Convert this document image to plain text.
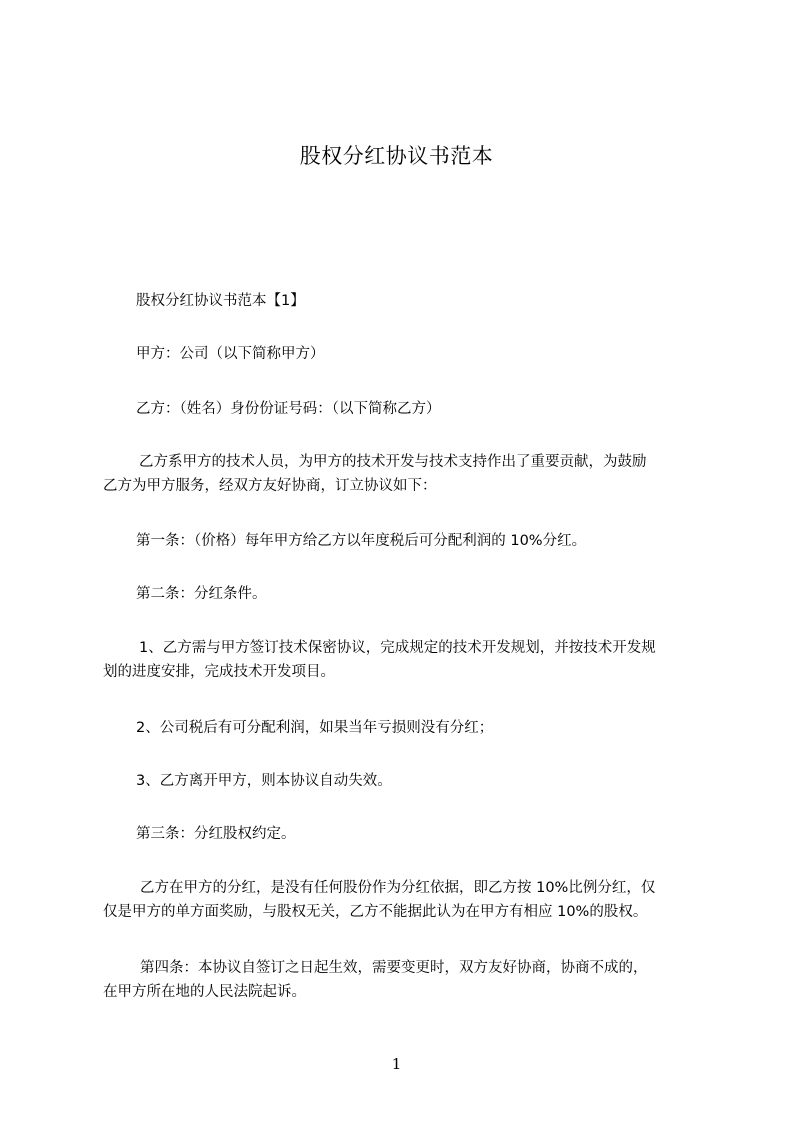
股权分红协议书范本

股权分红协议书范本【1】

甲方：公司（以下简称甲方）

乙方：（姓名）身份份证号码：（以下简称乙方）

乙方系甲方的技术人员，为甲方的技术开发与技术支持作出了重要贡献，为鼓励
乙方为甲方服务，经双方友好协商，订立协议如下：

第一条：（价格）每年甲方给乙方以年度税后可分配利润的 10%分红。

第二条：分红条件。

1、乙方需与甲方签订技术保密协议，完成规定的技术开发规划，并按技术开发规
划的进度安排，完成技术开发项目。

2、公司税后有可分配利润，如果当年亏损则没有分红；

3、乙方离开甲方，则本协议自动失效。

第三条：分红股权约定。

乙方在甲方的分红，是没有任何股份作为分红依据，即乙方按 10%比例分红，仅
仅是甲方的单方面奖励，与股权无关，乙方不能据此认为在甲方有相应 10%的股权。

第四条：本协议自签订之日起生效，需要变更时，双方友好协商，协商不成的，
在甲方所在地的人民法院起诉。

1
